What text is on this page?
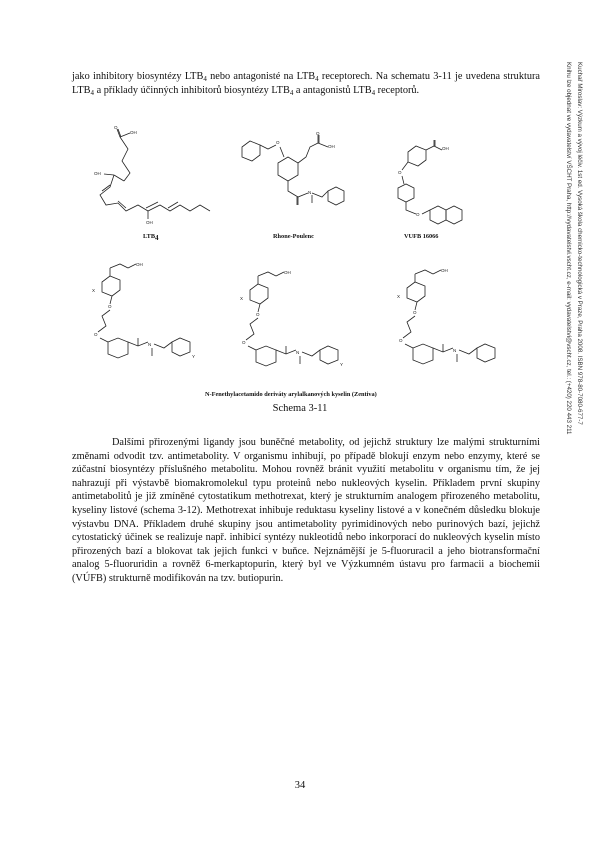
jako inhibitory biosyntézy $LTB_4$ nebo antagonisté na $LTB_4$ receptorech. Na schematu 3-11 je uvedena struktura $LTB_4$ a příklady účinných inhibitorů biosyntézy $LTB_4$ a antagonistů $LTB_4$ receptorů.

OH
O
OH
OH
$LTB_4$
O
OH
O
N
Rhone-Poulenc
OH
O
O
VUFB 16066
OH
X
O
O
N
Y
OH
X
O
O
N
Y
OH
X
O
O
N
N-Fenethylacetamido deriváty arylalkanových kyselin (Zentiva)
Schema 3-11

Dalšími přirozenými ligandy jsou buněčné metabolity, od jejichž struktury lze malými strukturními změnami odvodit tzv. antimetabolity. V organismu inhibují, po případě blokují enzym nebo enzymy, které se zúčastní biosyntézy příslušného metabolitu. Mohou rovněž bránit využití metabolitu v organismu tím, že jej nahrazují při výstavbě biomakromolekul typu proteinů nebo nukleových kyselin. Příkladem první skupiny antimetabolitů je již zmíněné cytostatikum methotrexat, který je strukturním analogem přirozeného metabolitu, kyseliny listové (schema 3-12). Methotrexat inhibuje reduktasu kyseliny listové a v konečném důsledku blokuje výstavbu DNA. Příkladem druhé skupiny jsou antimetabolity pyrimidinových nebo purinových bazí, jejichž cytostatický účinek se realizuje např. inhibicí syntézy nukleotidů nebo inkorporací do nukleových kyselin místo přirozených bazí a blokovat tak jejich funkci v buňce. Nejznámější je 5-fluoruracil a jeho biotransformační analog 5-fluoruridin a rovněž 6-merkaptopurin, který byl ve Výzkumném ústavu pro farmacii a biochemii (VÚFB) strukturně modifikován na tzv. butiopurin.

Kuchař Miroslav: Výzkum a vývoj léčiv. 1st ed. Vysoká škola chemicko-technologická v Praze, Praha 2008. ISBN 978-80-7080-677-7
Knihu lze objednat ve vydavatelství VŠCHT Praha, http://vydavatelstvi.vscht.cz, e-mail: vydavatelstvi@vscht.cz, tel.: (+420) 220 443 211
34
